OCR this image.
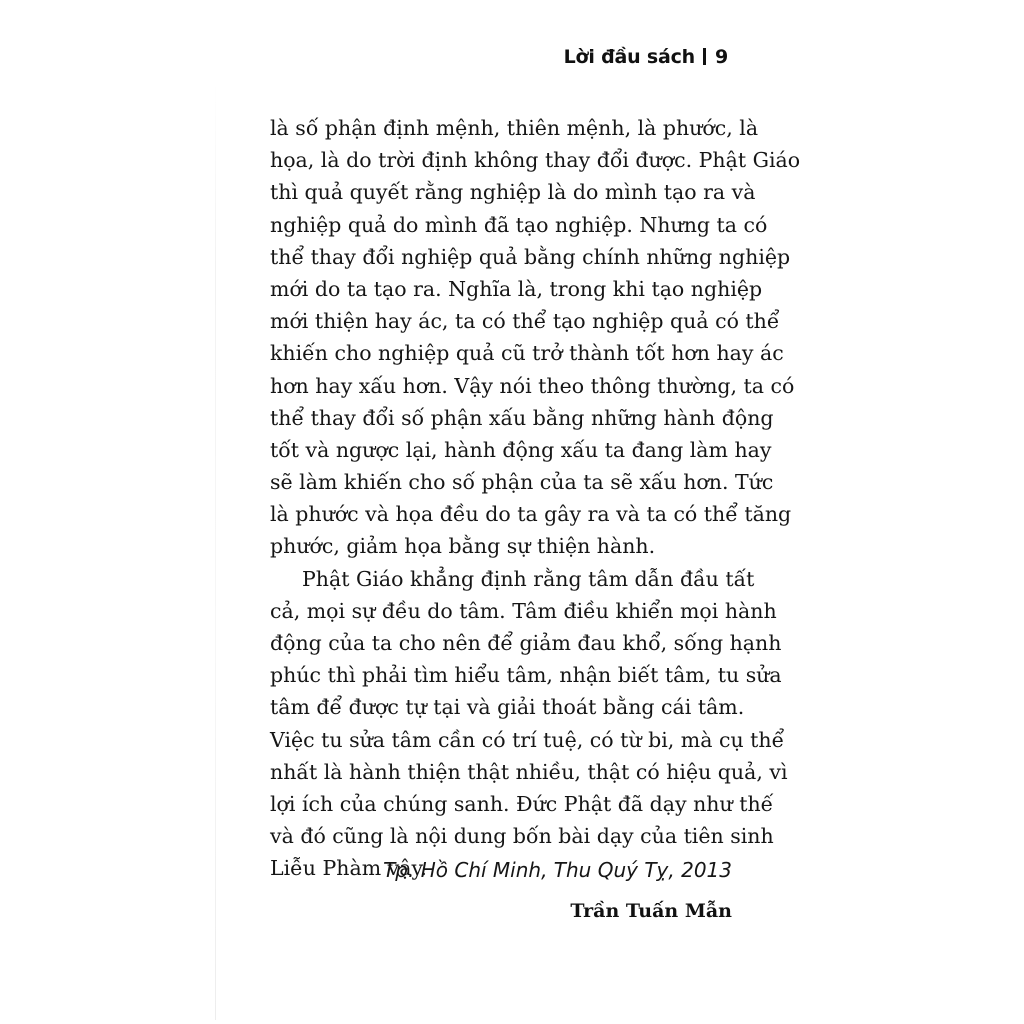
Lời đầu sách 9
là số phận định mệnh, thiên mệnh, là phước, là
họa, là do trời định không thay đổi được. Phật Giáo
thì quả quyết rằng nghiệp là do mình tạo ra và
nghiệp quả do mình đã tạo nghiệp. Nhưng ta có
thể thay đổi nghiệp quả bằng chính những nghiệp
mới do ta tạo ra. Nghĩa là, trong khi tạo nghiệp
mới thiện hay ác, ta có thể tạo nghiệp quả có thể
khiến cho nghiệp quả cũ trở thành tốt hơn hay ác
hơn hay xấu hơn. Vậy nói theo thông thường, ta có
thể thay đổi số phận xấu bằng những hành động
tốt và ngược lại, hành động xấu ta đang làm hay
sẽ làm khiến cho số phận của ta sẽ xấu hơn. Tức
là phước và họa đều do ta gây ra và ta có thể tăng
phước, giảm họa bằng sự thiện hành.
Phật Giáo khẳng định rằng tâm dẫn đầu tất
cả, mọi sự đều do tâm. Tâm điều khiển mọi hành
động của ta cho nên để giảm đau khổ, sống hạnh
phúc thì phải tìm hiểu tâm, nhận biết tâm, tu sửa
tâm để được tự tại và giải thoát bằng cái tâm.
Việc tu sửa tâm cần có trí tuệ, có từ bi, mà cụ thể
nhất là hành thiện thật nhiều, thật có hiệu quả, vì
lợi ích của chúng sanh. Đức Phật đã dạy như thế
và đó cũng là nội dung bốn bài dạy của tiên sinh
Liễu Phàm vậy.
Tp. Hồ Chí Minh, Thu Quý Tỵ, 2013
Trần Tuấn Mẫn
